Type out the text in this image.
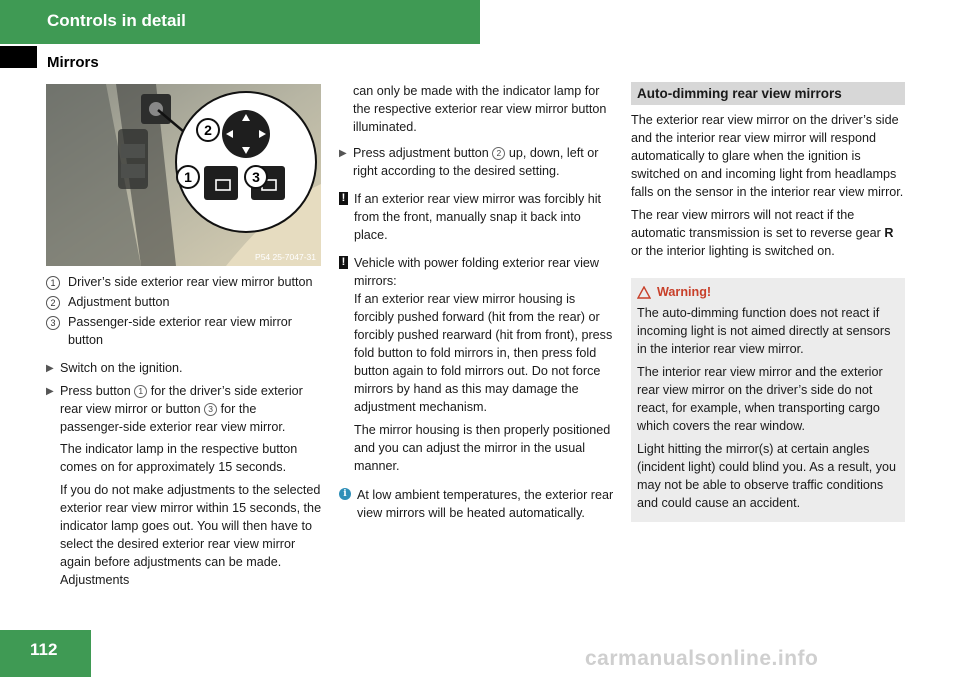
Controls in detail
Mirrors
2
1	3
P54 25-7047-31
1 Driver’s side exterior rear view mirror button
2 Adjustment button
3 Passenger-side exterior rear view mirror button
▶ Switch on the ignition.
▶ Press button 1 for the driver’s side exterior rear view mirror or button 3 for the passenger-side exterior rear view mirror.

The indicator lamp in the respective button comes on for approximately 15 seconds.

If you do not make adjustments to the selected exterior rear view mirror within 15 seconds, the indicator lamp goes out. You will then have to select the desired exterior rear view mirror again before adjustments can be made. Adjustments

can only be made with the indicator lamp for the respective exterior rear view mirror button illuminated.

▶ Press adjustment button 2 up, down, left or right according to the desired setting.
! If an exterior rear view mirror was forcibly hit from the front, manually snap it back into place.
! Vehicle with power folding exterior rear view mirrors:

If an exterior rear view mirror housing is forcibly pushed forward (hit from the rear) or forcibly pushed rearward (hit from front), press fold button to fold mirrors in, then press fold button again to fold mirrors out. Do not force mirrors by hand as this may damage the adjustment mechanism.

The mirror housing is then properly positioned and you can adjust the mirror in the usual manner.

i At low ambient temperatures, the exterior rear view mirrors will be heated automatically.
Auto-dimming rear view mirrors

The exterior rear view mirror on the driver’s side and the interior rear view mirror will respond automatically to glare when the ignition is switched on and incoming light from headlamps falls on the sensor in the interior rear view mirror.

The rear view mirrors will not react if the automatic transmission is set to reverse gear R or the interior lighting is switched on.

Warning!

The auto-dimming function does not react if incoming light is not aimed directly at sensors in the interior rear view mirror.

The interior rear view mirror and the exterior rear view mirror on the driver’s side do not react, for example, when transporting cargo which covers the rear window.

Light hitting the mirror(s) at certain angles (incident light) could blind you. As a result, you may not be able to observe traffic conditions and could cause an accident.

112	carmanualsonline.info
